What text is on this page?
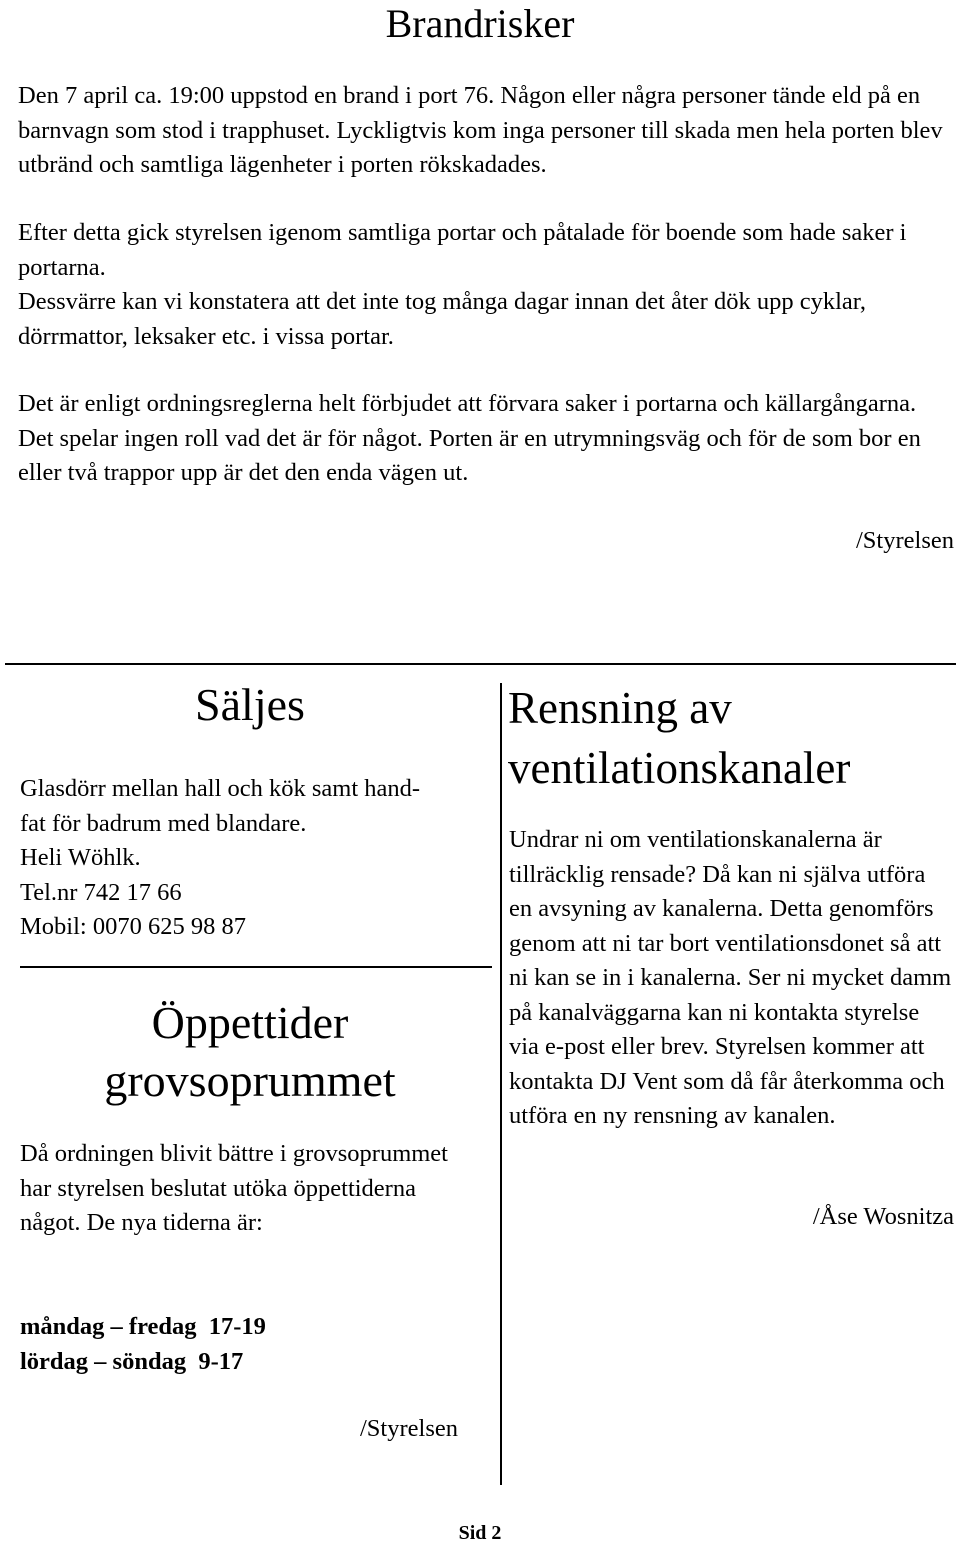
Brandrisker
Den 7 april ca. 19:00 uppstod en brand i port 76. Någon eller några personer tände eld på en barnvagn som stod i trapphuset. Lyckligtvis kom inga personer till skada men hela porten blev utbränd och samtliga lägenheter i porten rökskadades.
Efter detta gick styrelsen igenom samtliga portar och påtalade för boende som hade saker i portarna.
Dessvärre kan vi konstatera att det inte tog många dagar innan det åter dök upp cyklar, dörrmattor, leksaker etc. i vissa portar.
Det är enligt ordningsreglerna helt förbjudet att förvara saker i portarna och källargångarna. Det spelar ingen roll vad det är för något. Porten är en utrymningsväg och för de som bor en eller två trappor upp är det den enda vägen ut.
/Styrelsen
Säljes
Glasdörr mellan hall och kök samt hand-
fat för badrum med blandare.
Heli Wöhlk.
Tel.nr 742 17 66
Mobil: 0070 625 98 87
Öppettider
grovsoprummet
Då ordningen blivit bättre i grovsoprummet har styrelsen beslutat utöka öppettiderna något. De nya tiderna är:
måndag – fredag  17-19
lördag – söndag  9-17
/Styrelsen
Rensning av
ventilationskanaler
Undrar ni om ventilationskanalerna är tillräcklig rensade? Då kan ni själva utföra en avsyning av kanalerna. Detta genomförs genom att ni tar bort ventilationsdonet så att ni kan se in i kanalerna. Ser ni mycket damm på kanalväggarna kan ni kontakta styrelse via e-post eller brev. Styrelsen kommer att kontakta DJ Vent som då får återkomma och utföra en ny rensning av kanalen.
/Åse Wosnitza
Sid 2
